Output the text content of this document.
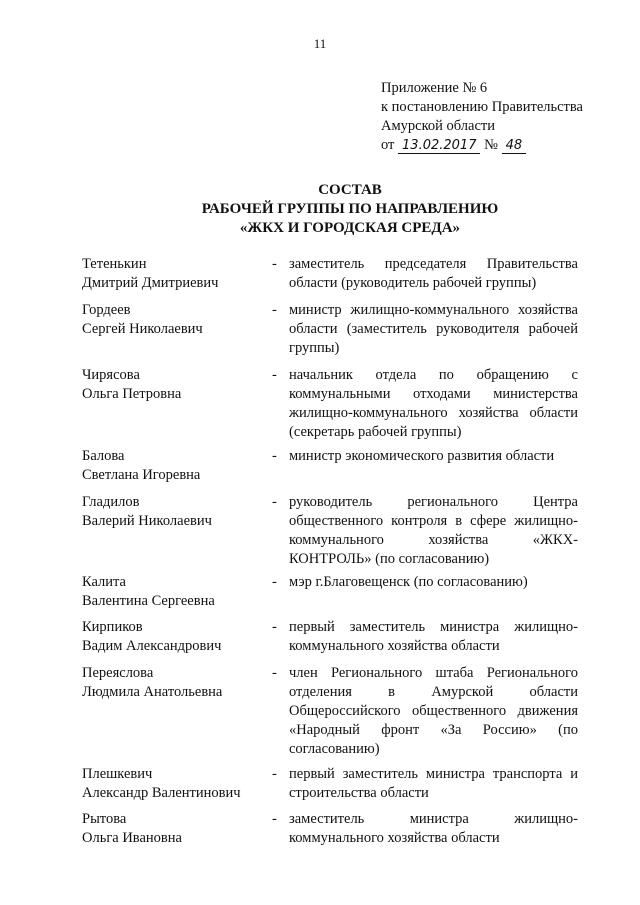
11
Приложение № 6
к постановлению Правительства
Амурской области
от 13.02.2017 № 48
СОСТАВ
РАБОЧЕЙ ГРУППЫ ПО НАПРАВЛЕНИЮ
«ЖКХ И ГОРОДСКАЯ СРЕДА»
Тетенькин
Дмитрий Дмитриевич
- заместитель председателя Правительства области (руководитель рабочей группы)
Гордеев
Сергей Николаевич
- министр жилищно-коммунального хозяйства области (заместитель руководителя рабочей группы)
Чирясова
Ольга Петровна
- начальник отдела по обращению с коммунальными отходами министерства жилищно-коммунального хозяйства области (секретарь рабочей группы)
Балова
Светлана Игоревна
- министр экономического развития области
Гладилов
Валерий Николаевич
- руководитель регионального Центра общественного контроля в сфере жилищно-коммунального хозяйства «ЖКХ-КОНТРОЛЬ» (по согласованию)
Калита
Валентина Сергеевна
- мэр г.Благовещенск (по согласованию)
Кирпиков
Вадим Александрович
- первый заместитель министра жилищно-коммунального хозяйства области
Переяслова
Людмила Анатольевна
- член Регионального штаба Регионального отделения в Амурской области Общероссийского общественного движения «Народный фронт «За Россию» (по согласованию)
Плешкевич
Александр Валентинович
- первый заместитель министра транспорта и строительства области
Рытова
Ольга Ивановна
- заместитель министра жилищно-коммунального хозяйства области
